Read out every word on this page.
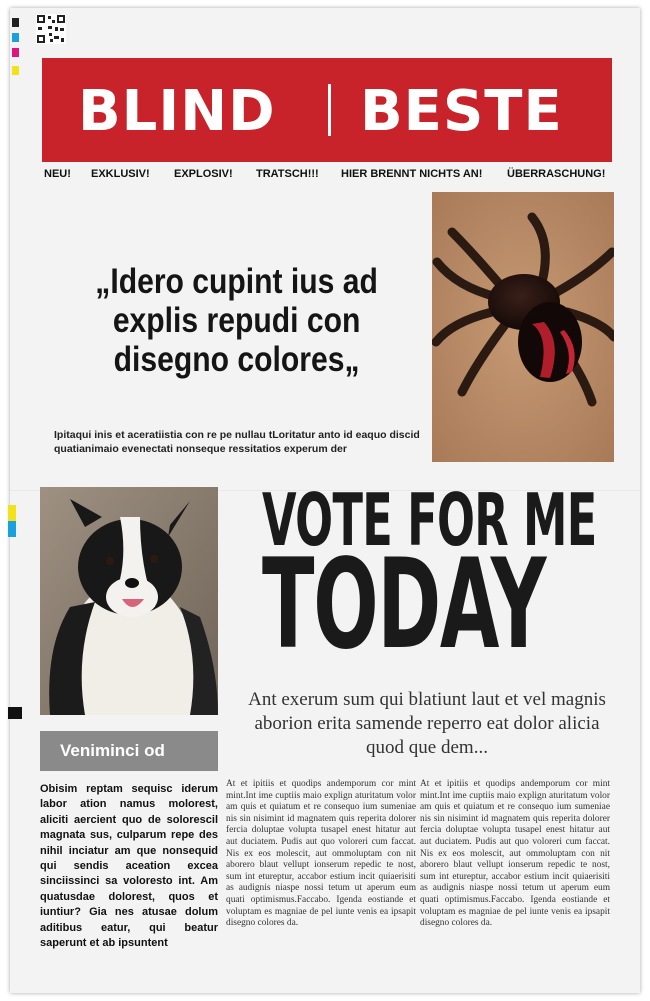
BLIND BESTE
NEU! EXKLUSIV! EXPLOSIV! TRATSCH!!! HIER BRENNT NICHTS AN! ÜBERRASCHUNG!
„Idero cupint ius ad explis repudi con disegno colores„
Ipitaqui inis et aceratiistia con re pe nullau tLoritatur anto id eaquo discid quatianimaio evenectati nonseque ressitatios experum der
VOTE FOR ME
TODAY
Ant exerum sum qui blatiunt laut et vel magnis aborion erita samende reperro eat dolor alicia quod que dem...
Veniminci od
Obisim reptam sequisc iderum labor ation namus molorest, aliciti aercient quo de solorescil magnata sus, culparum repe des nihil inciatur am que nonsequid qui sendis aceation excea sinciissinci sa voloresto int. Am quatusdae dolorest, quos et iuntiur? Gia nes atusae dolum aditibus eatur, qui beatur saperunt et ab ipsuntent
At et ipitiis et quodips andemporum cor mint mint.Int ime cuptiis maio explign aturitatum volor am quis et quiatum et re consequo ium sumeniae nis sin nisimint id magnatem quis reperita dolorer fercia doluptae volupta tusapel enest hitatur aut aut duciatem. Pudis aut quo voloreri cum faccat. Nis ex eos molescit, aut ommoluptam con nit aborero blaut vellupt ionserum repedic te nost, sum int etureptur, accabor estium incit quiaerisiti as audignis niaspe nossi tetum ut aperum eum quati optimismus.Faccabo. Igenda eostiande et voluptam es magniae de pel iunte venis ea ipsapit disegno colores da.
At et ipitiis et quodips andemporum cor mint mint.Int ime cuptiis maio explign aturitatum volor am quis et quiatum et re consequo ium sumeniae nis sin nisimint id magnatem quis reperita dolorer fercia doluptae volupta tusapel enest hitatur aut aut duciatem. Pudis aut quo voloreri cum faccat. Nis ex eos molescit, aut ommoluptam con nit aborero blaut vellupt ionserum repedic te nost, sum int etureptur, accabor estium incit quiaerisiti as audignis niaspe nossi tetum ut aperum eum quati optimismus.Faccabo. Igenda eostiande et voluptam es magniae de pel iunte venis ea ipsapit disegno colores da.
